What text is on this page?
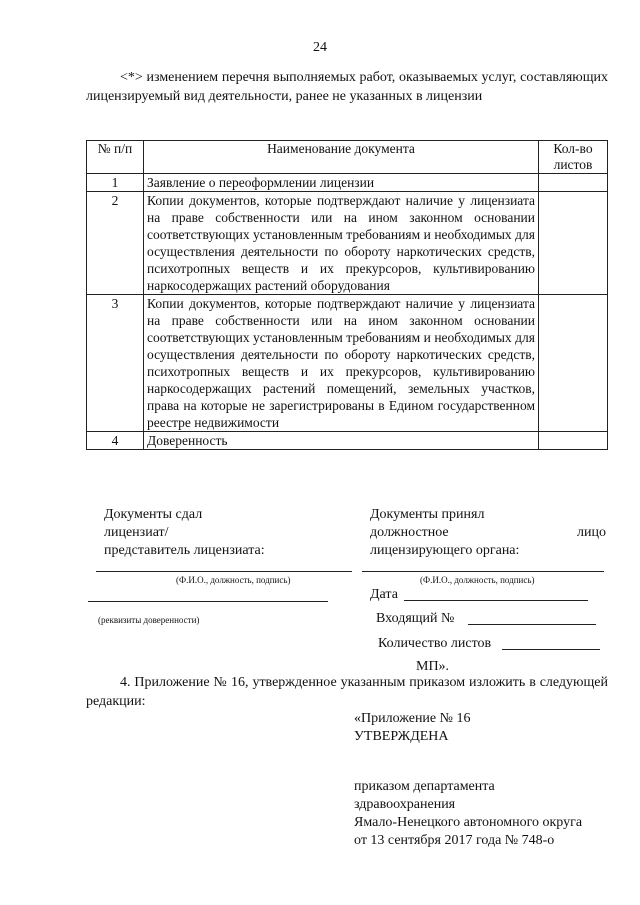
24
<*> изменением перечня выполняемых работ, оказываемых услуг, составляющих лицензируемый вид деятельности, ранее не указанных в лицензии
№ п/п	Наименование документа	Кол-во листов
1	Заявление о переоформлении лицензии	
2	Копии документов, которые подтверждают наличие у лицензиата на праве собственности или на ином законном основании соответствующих установленным требованиям и необходимых для осуществления деятельности по обороту наркотических средств, психотропных веществ и их прекурсоров, культивированию наркосодержащих растений оборудования	
3	Копии документов, которые подтверждают наличие у лицензиата на праве собственности или на ином законном основании соответствующих установленным требованиям и необходимых для осуществления деятельности по обороту наркотических средств, психотропных веществ и их прекурсоров, культивированию наркосодержащих растений помещений, земельных участков, права на которые не зарегистрированы в Едином государственном реестре недвижимости	
4	Доверенность	
Документы сдал
лицензиат/
представитель лицензиата:
(Ф.И.О., должность, подпись)
(реквизиты доверенности)
Документы принял
должностное	лицо
лицензирующего органа:
(Ф.И.О., должность, подпись)
Дата
Входящий №
Количество листов
МП».
4. Приложение № 16, утвержденное указанным приказом изложить в следующей редакции:
«Приложение № 16
УТВЕРЖДЕНА
приказом департамента
здравоохранения
Ямало-Ненецкого автономного округа
от 13 сентября 2017 года № 748-о
